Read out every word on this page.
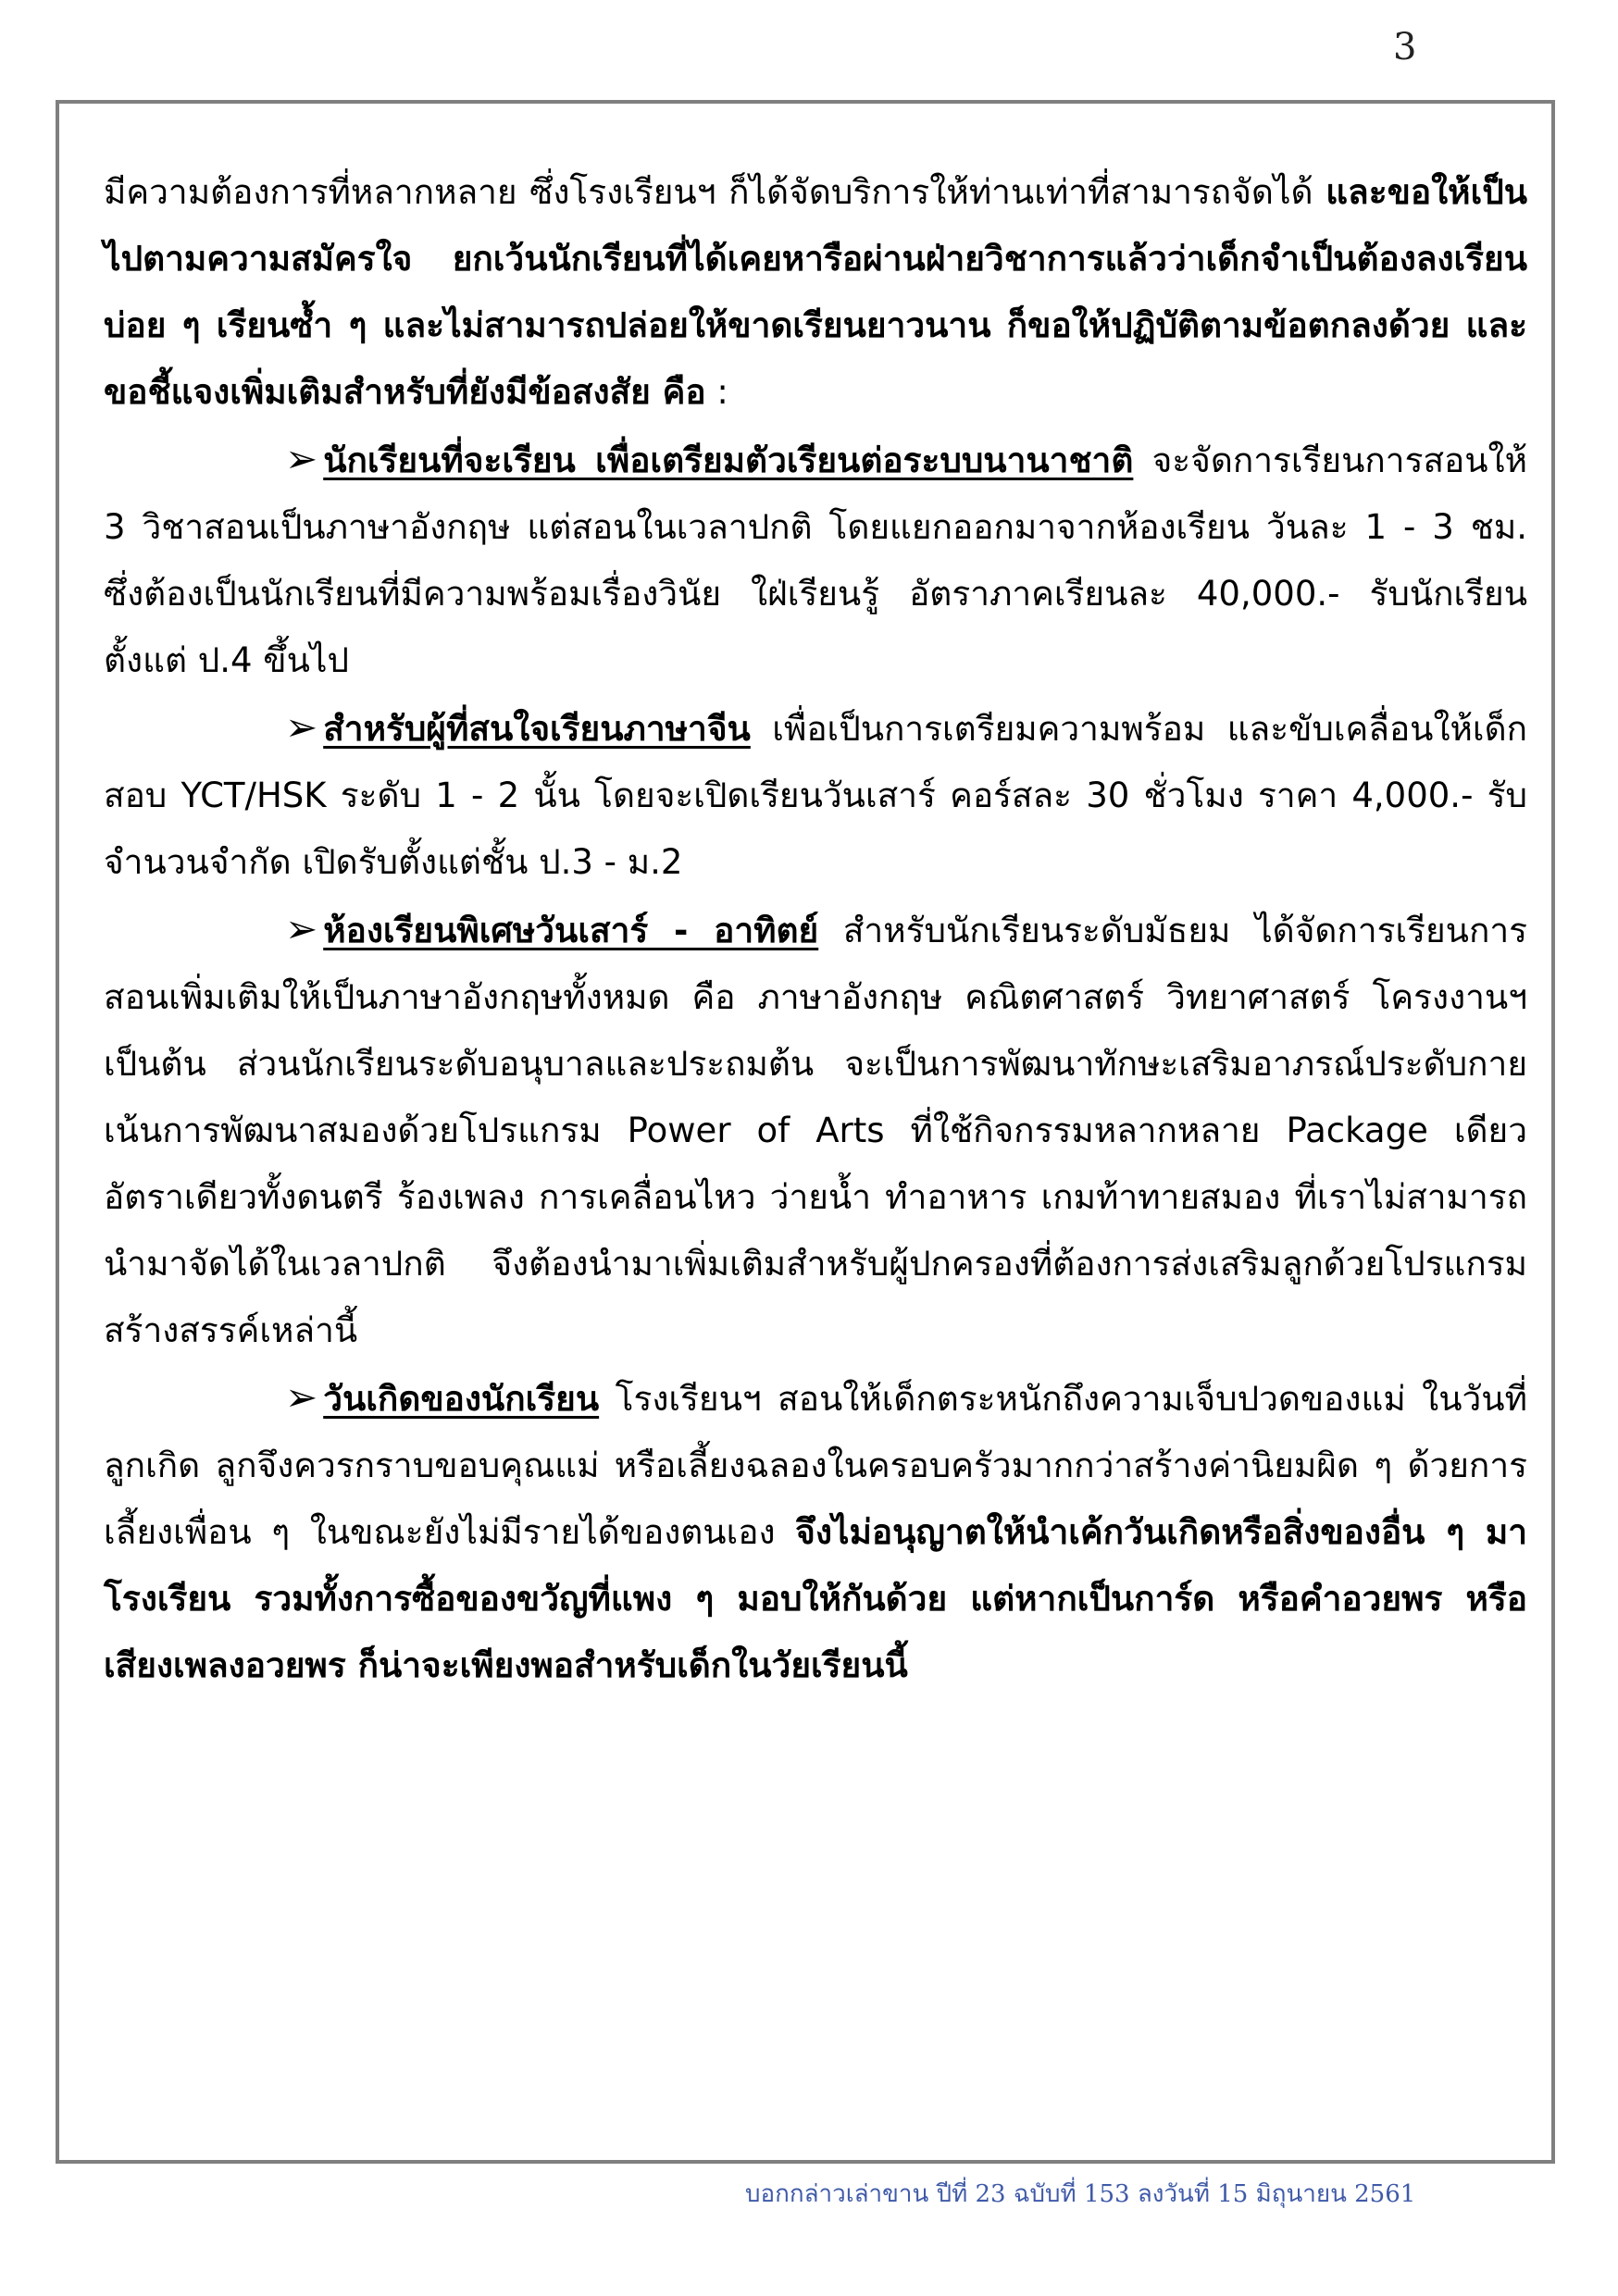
3

มีความต้องการที่หลากหลาย ซึ่งโรงเรียนฯ ก็ได้จัดบริการให้ท่านเท่าที่สามารถจัดได้ และขอให้เป็นไปตามความสมัครใจ ยกเว้นนักเรียนที่ได้เคยหารือผ่านฝ่ายวิชาการแล้วว่าเด็กจำเป็นต้องลงเรียนบ่อย ๆ เรียนซ้ำ ๆ และไม่สามารถปล่อยให้ขาดเรียนยาวนาน ก็ขอให้ปฏิบัติตามข้อตกลงด้วย และขอชี้แจงเพิ่มเติมสำหรับที่ยังมีข้อสงสัย คือ :

➢ นักเรียนที่จะเรียน เพื่อเตรียมตัวเรียนต่อระบบนานาชาติ จะจัดการเรียนการสอนให้ 3 วิชาสอนเป็นภาษาอังกฤษ แต่สอนในเวลาปกติ โดยแยกออกมาจากห้องเรียน วันละ 1 - 3 ชม. ซึ่งต้องเป็นนักเรียนที่มีความพร้อมเรื่องวินัย ใฝ่เรียนรู้ อัตราภาคเรียนละ 40,000.- รับนักเรียนตั้งแต่ ป.4 ขึ้นไป

➢ สำหรับผู้ที่สนใจเรียนภาษาจีน เพื่อเป็นการเตรียมความพร้อม และขับเคลื่อนให้เด็กสอบ YCT/HSK ระดับ 1 - 2 นั้น โดยจะเปิดเรียนวันเสาร์ คอร์สละ 30 ชั่วโมง ราคา 4,000.- รับจำนวนจำกัด เปิดรับตั้งแต่ชั้น ป.3 - ม.2

➢ ห้องเรียนพิเศษวันเสาร์ - อาทิตย์ สำหรับนักเรียนระดับมัธยม ได้จัดการเรียนการสอนเพิ่มเติมให้เป็นภาษาอังกฤษทั้งหมด คือ ภาษาอังกฤษ คณิตศาสตร์ วิทยาศาสตร์ โครงงานฯ เป็นต้น ส่วนนักเรียนระดับอนุบาลและประถมต้น จะเป็นการพัฒนาทักษะเสริมอาภรณ์ประดับกาย เน้นการพัฒนาสมองด้วยโปรแกรม Power of Arts ที่ใช้กิจกรรมหลากหลาย Package เดียว อัตราเดียวทั้งดนตรี ร้องเพลง การเคลื่อนไหว ว่ายน้ำ ทำอาหาร เกมท้าทายสมอง ที่เราไม่สามารถนำมาจัดได้ในเวลาปกติ จึงต้องนำมาเพิ่มเติมสำหรับผู้ปกครองที่ต้องการส่งเสริมลูกด้วยโปรแกรมสร้างสรรค์เหล่านี้

➢ วันเกิดของนักเรียน โรงเรียนฯ สอนให้เด็กตระหนักถึงความเจ็บปวดของแม่ ในวันที่ลูกเกิด ลูกจึงควรกราบขอบคุณแม่ หรือเลี้ยงฉลองในครอบครัวมากกว่าสร้างค่านิยมผิด ๆ ด้วยการเลี้ยงเพื่อน ๆ ในขณะยังไม่มีรายได้ของตนเอง จึงไม่อนุญาตให้นำเค้กวันเกิดหรือสิ่งของอื่น ๆ มาโรงเรียน รวมทั้งการซื้อของขวัญที่แพง ๆ มอบให้กันด้วย แต่หากเป็นการ์ด หรือคำอวยพร หรือเสียงเพลงอวยพร ก็น่าจะเพียงพอสำหรับเด็กในวัยเรียนนี้

บอกกล่าวเล่าขาน ปีที่ 23 ฉบับที่ 153 ลงวันที่ 15 มิถุนายน 2561
